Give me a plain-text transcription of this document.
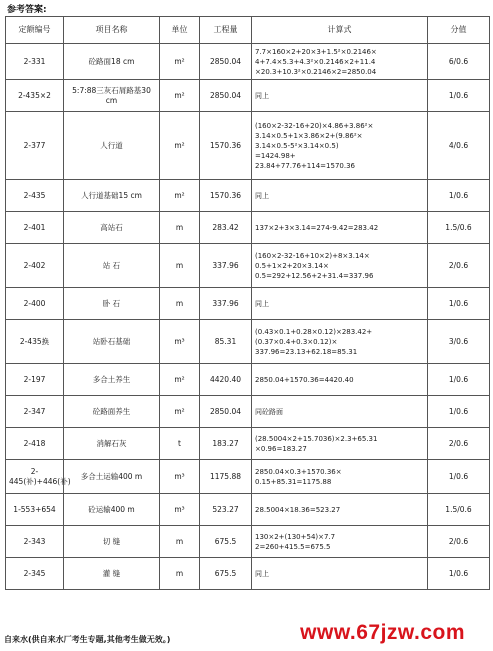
参考答案:
定额编号	项目名称	单位	工程量	计算式	分值
2-331	砼路面18 cm	m²	2850.04	7.7×160×2+20×3+1.5²×0.2146×
4+7.4×5.3+4.3²×0.2146×2+11.4
×20.3+10.3²×0.2146×2=2850.04	6/0.6
2-435×2	5:7:88三灰石屑路基30 cm	m²	2850.04	同上	1/0.6
2-377	人行道	m²	1570.36	(160×2-32-16+20)×4.86+3.86²×
3.14×0.5+1×3.86×2+(9.86²×
3.14×0.5-5²×3.14×0.5)
=1424.98+
23.84+77.76+114=1570.36	4/0.6
2-435	人行道基础15 cm	m²	1570.36	同上	1/0.6
2-401	高站石	m	283.42	137×2+3×3.14=274-9.42=283.42	1.5/0.6
2-402	站 石	m	337.96	(160×2-32-16+10×2)+8×3.14×
0.5+1×2+20×3.14×
0.5=292+12.56+2+31.4=337.96	2/0.6
2-400	卧 石	m	337.96	同上	1/0.6
2-435换	站卧石基础	m³	85.31	(0.43×0.1+0.28×0.12)×283.42+
(0.37×0.4+0.3×0.12)×
337.96=23.13+62.18=85.31	3/0.6
2-197	多合土养生	m²	4420.40	2850.04+1570.36=4420.40	1/0.6
2-347	砼路面养生	m²	2850.04	同砼路面	1/0.6
2-418	消解石灰	t	183.27	(28.5004×2+15.7036)×2.3+65.31
×0.96=183.27	2/0.6
2-445(补)+446(补)	多合土运输400 m	m³	1175.88	2850.04×0.3+1570.36×
0.15+85.31=1175.88	1/0.6
1-553+654	砼运输400 m	m³	523.27	28.5004×18.36=523.27	1.5/0.6
2-343	切 缝	m	675.5	130×2+(130+54)×7.7
2=260+415.5=675.5	2/0.6
2-345	灌 缝	m	675.5	同上	1/0.6
自来水(供自来水厂考生专题,其他考生做无效。)	www.67jzw.com
